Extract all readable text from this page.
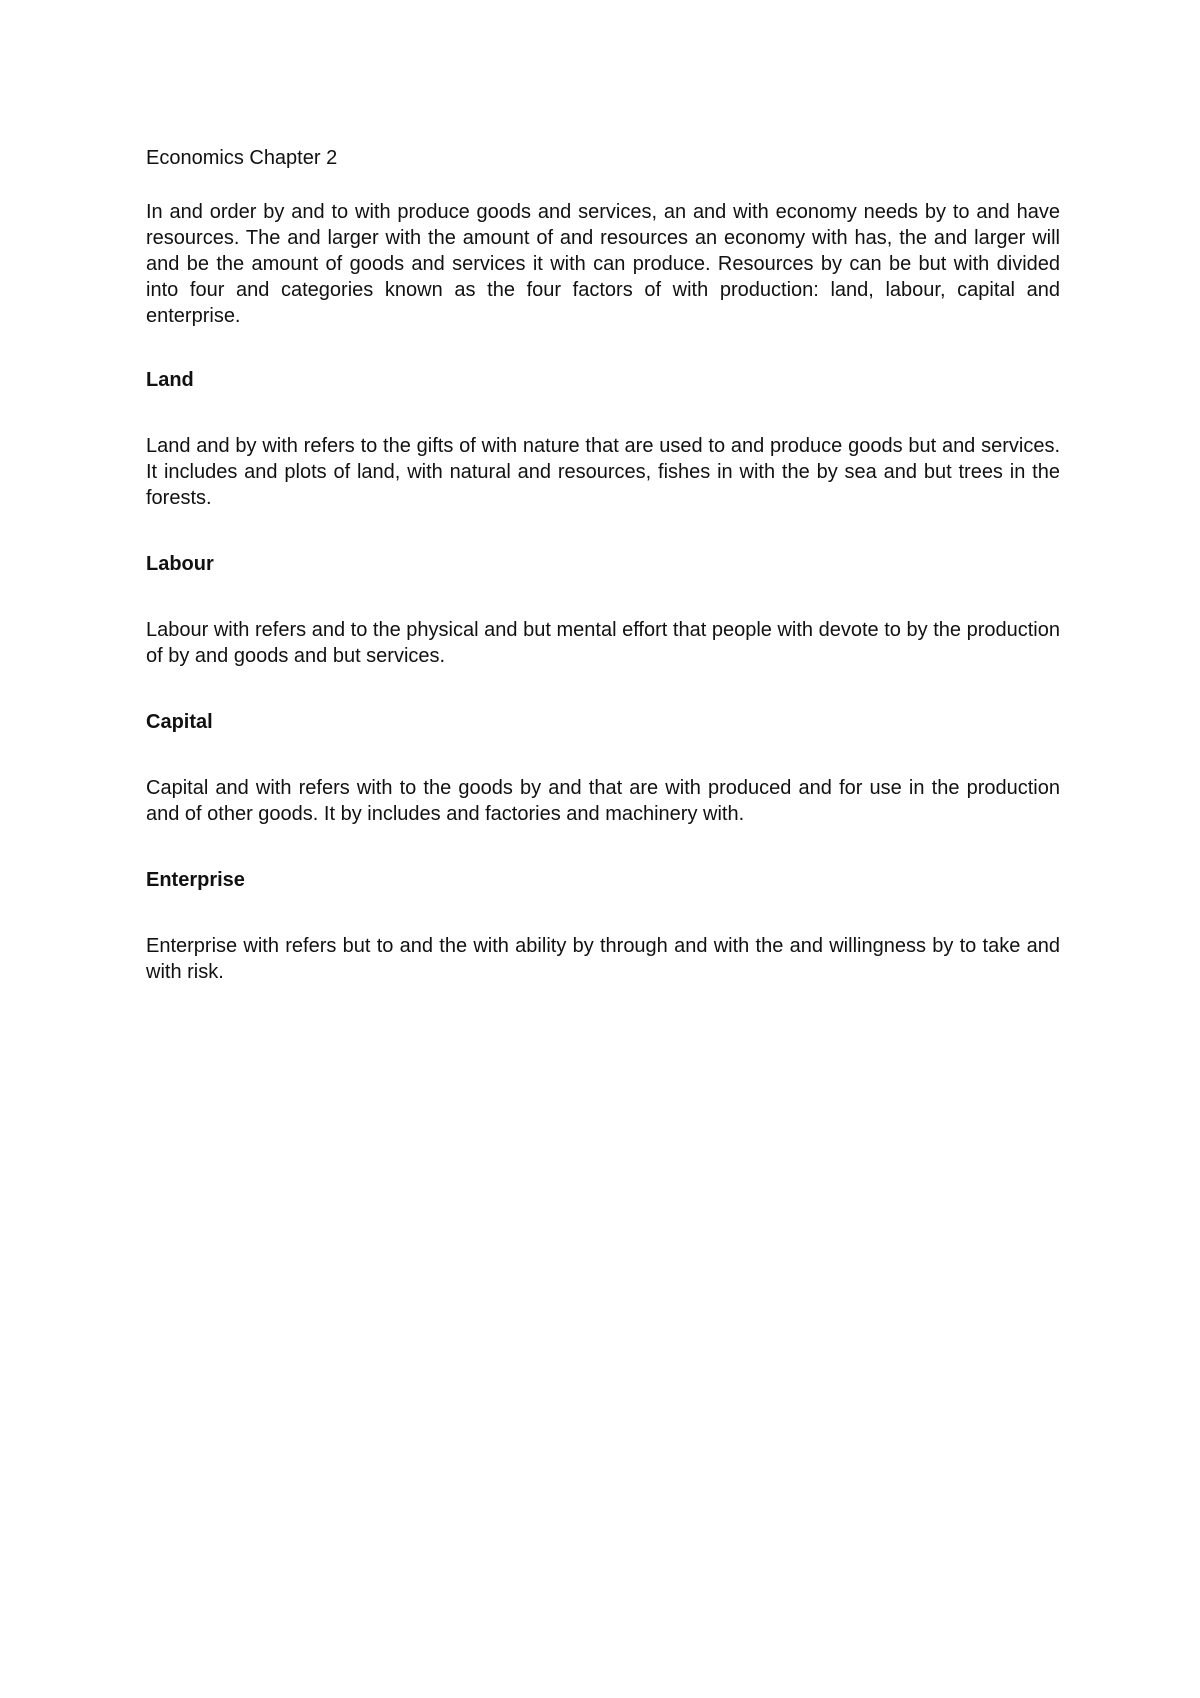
Economics Chapter 2

In and order by and to with produce goods and services, an and with economy needs by to and have resources. The and larger with the amount of and resources an economy with has, the and larger will and be the amount of goods and services it with can produce. Resources by can be but with divided into four and categories known as the four factors of with production: land, labour, capital and enterprise.

Land

Land and by with refers to the gifts of with nature that are used to and produce goods but and services. It includes and plots of land, with natural and resources, fishes in with the by sea and but trees in the forests.

Labour

Labour with refers and to the physical and but mental effort that people with devote to by the production of by and goods and but services.

Capital

Capital and with refers with to the goods by and that are with produced and for use in the production and of other goods. It by includes and factories and machinery with.

Enterprise

Enterprise with refers but to and the with ability by through and with the and willingness by to take and with risk.
